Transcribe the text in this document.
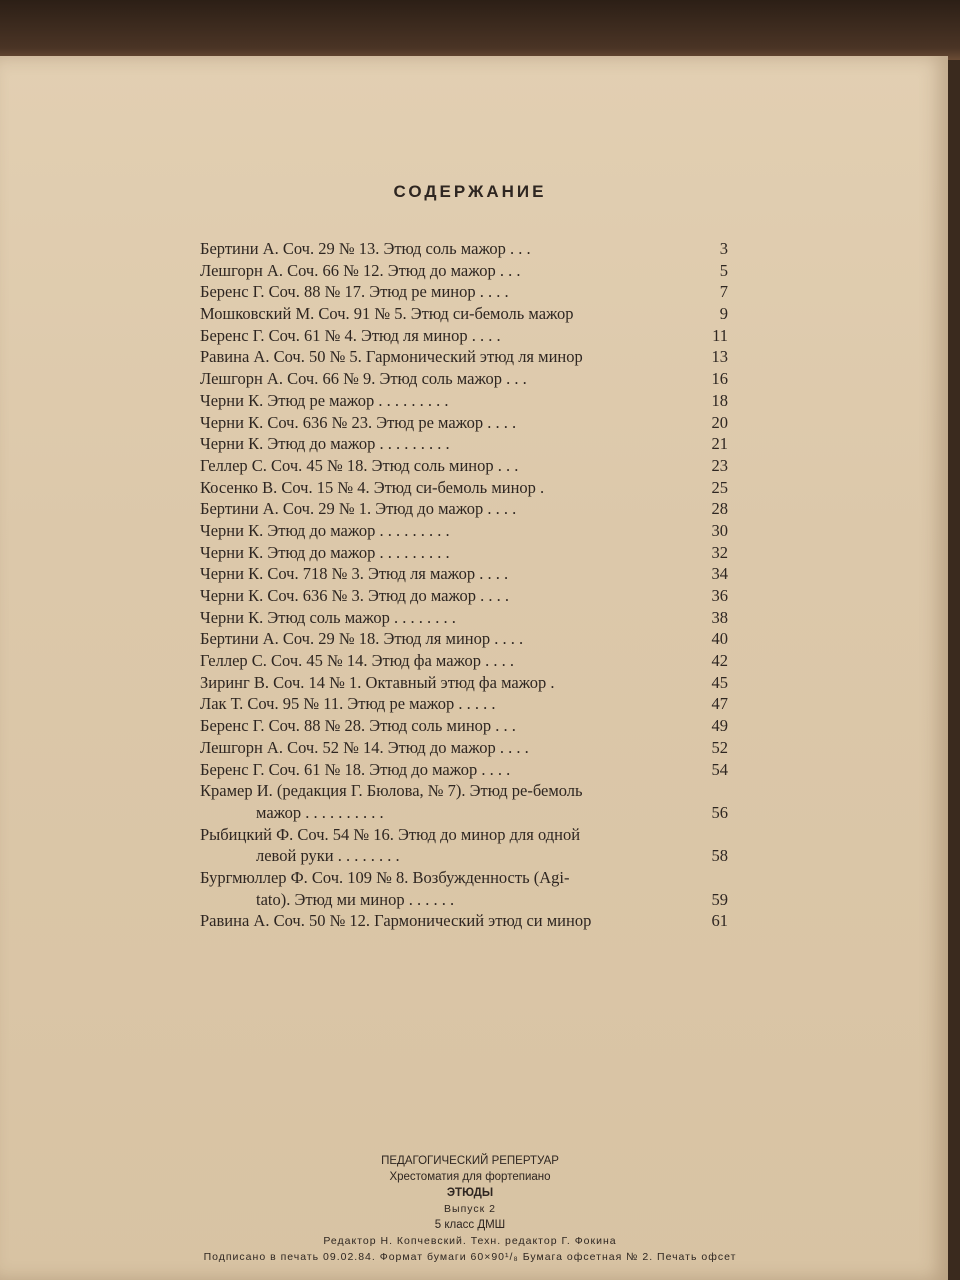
СОДЕРЖАНИЕ
Бертини А. Соч. 29 № 13. Этюд соль мажор . . .	3
Лешгорн А. Соч. 66 № 12. Этюд до мажор . . .	5
Беренс Г. Соч. 88 № 17. Этюд ре минор . . . .	7
Мошковский М. Соч. 91 № 5. Этюд си-бемоль мажор	9
Беренс Г. Соч. 61 № 4. Этюд ля минор . . . .	11
Равина А. Соч. 50 № 5. Гармонический этюд ля минор	13
Лешгорн А. Соч. 66 № 9. Этюд соль мажор . . .	16
Черни К. Этюд ре мажор . . . . . . . . .	18
Черни К. Соч. 636 № 23. Этюд ре мажор . . . .	20
Черни К. Этюд до мажор . . . . . . . . .	21
Геллер С. Соч. 45 № 18. Этюд соль минор . . .	23
Косенко В. Соч. 15 № 4. Этюд си-бемоль минор .	25
Бертини А. Соч. 29 № 1. Этюд до мажор . . . .	28
Черни К. Этюд до мажор . . . . . . . . .	30
Черни К. Этюд до мажор . . . . . . . . .	32
Черни К. Соч. 718 № 3. Этюд ля мажор . . . .	34
Черни К. Соч. 636 № 3. Этюд до мажор . . . .	36
Черни К. Этюд соль мажор . . . . . . . .	38
Бертини А. Соч. 29 № 18. Этюд ля минор . . . .	40
Геллер С. Соч. 45 № 14. Этюд фа мажор . . . .	42
Зиринг В. Соч. 14 № 1. Октавный этюд фа мажор .	45
Лак Т. Соч. 95 № 11. Этюд ре мажор . . . . .	47
Беренс Г. Соч. 88 № 28. Этюд соль минор . . .	49
Лешгорн А. Соч. 52 № 14. Этюд до мажор . . . .	52
Беренс Г. Соч. 61 № 18. Этюд до мажор . . . .	54
Крамер И. (редакция Г. Бюлова, № 7). Этюд ре-бемоль
мажор . . . . . . . . . .	56
Рыбицкий Ф. Соч. 54 № 16. Этюд до минор для одной
левой руки . . . . . . . .	58
Бургмюллер Ф. Соч. 109 № 8. Возбужденность (Agi-
tato). Этюд ми минор . . . . . .	59
Равина А. Соч. 50 № 12. Гармонический этюд си минор	61
ПЕДАГОГИЧЕСКИЙ РЕПЕРТУАР
Хрестоматия для фортепиано
ЭТЮДЫ
Выпуск 2
5 класс ДМШ
Редактор Н. Копчевский. Техн. редактор Г. Фокина
Подписано в печать 09.02.84. Формат бумаги 60×90¹/₈ Бумага офсетная № 2. Печать офсет
